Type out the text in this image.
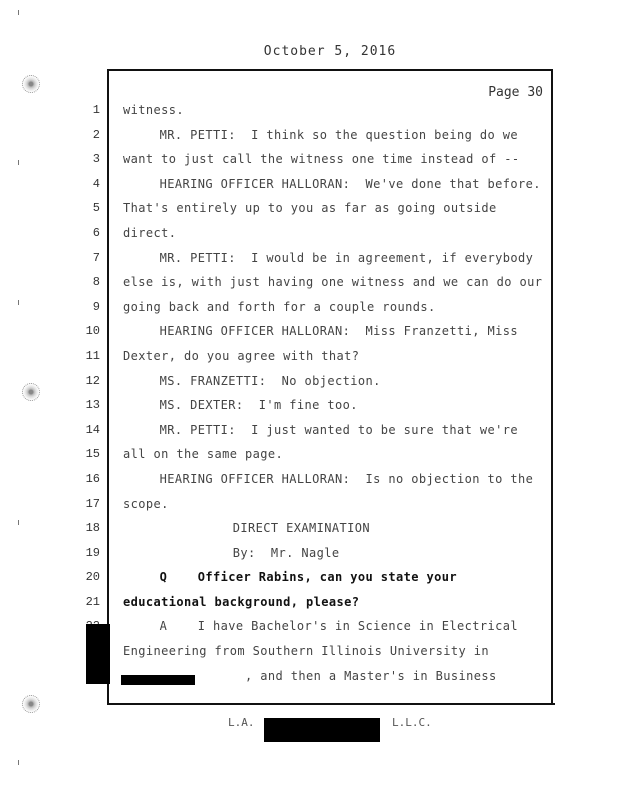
October 5, 2016
Page 30
1
2
3
4
5
6
7
8
9
10
11
12
13
14
15
16
17
18
19
20
21
witness.
MR. PETTI:  I think so the question being do we
want to just call the witness one time instead of --
HEARING OFFICER HALLORAN:  We've done that before.
That's entirely up to you as far as going outside
direct.
MR. PETTI:  I would be in agreement, if everybody
else is, with just having one witness and we can do our
going back and forth for a couple rounds.
HEARING OFFICER HALLORAN:  Miss Franzetti, Miss
Dexter, do you agree with that?
MS. FRANZETTI:  No objection.
MS. DEXTER:  I'm fine too.
MR. PETTI:  I just wanted to be sure that we're
all on the same page.
HEARING OFFICER HALLORAN:  Is no objection to the
scope.
DIRECT EXAMINATION
By:  Mr. Nagle
Q    Officer Rabins, can you state your
educational background, please?
A    I have Bachelor's in Science in Electrical
Engineering from Southern Illinois University in
, and then a Master's in Business
L.A.	L.L.C.
